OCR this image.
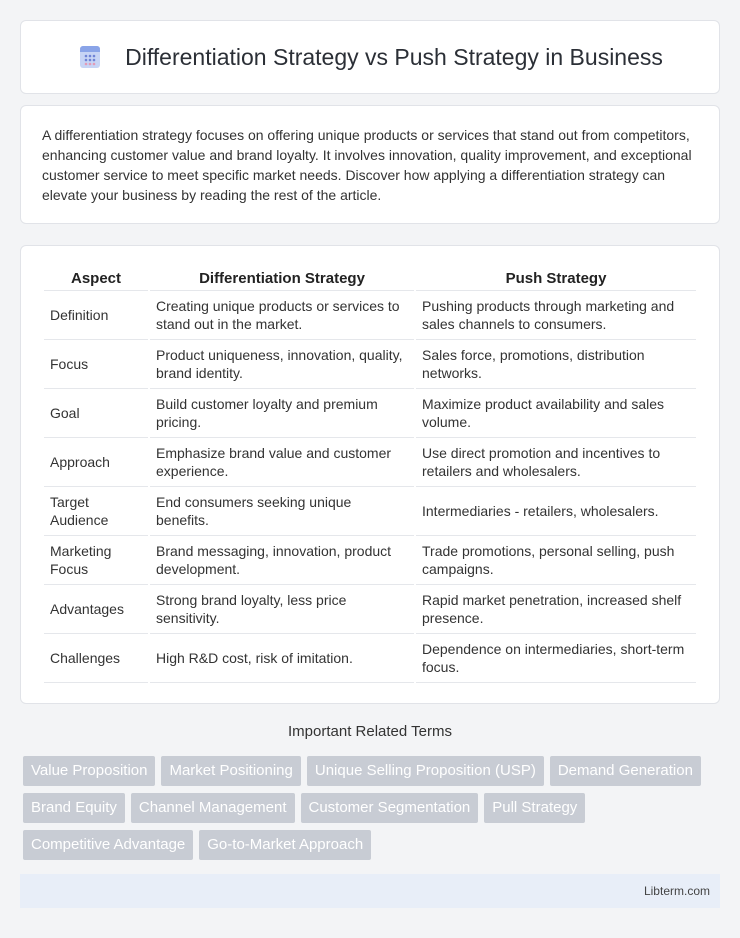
Differentiation Strategy vs Push Strategy in Business
A differentiation strategy focuses on offering unique products or services that stand out from competitors, enhancing customer value and brand loyalty. It involves innovation, quality improvement, and exceptional customer service to meet specific market needs. Discover how applying a differentiation strategy can elevate your business by reading the rest of the article.
Aspect	Differentiation Strategy	Push Strategy
Definition	Creating unique products or services to stand out in the market.	Pushing products through marketing and sales channels to consumers.
Focus	Product uniqueness, innovation, quality, brand identity.	Sales force, promotions, distribution networks.
Goal	Build customer loyalty and premium pricing.	Maximize product availability and sales volume.
Approach	Emphasize brand value and customer experience.	Use direct promotion and incentives to retailers and wholesalers.
Target Audience	End consumers seeking unique benefits.	Intermediaries - retailers, wholesalers.
Marketing Focus	Brand messaging, innovation, product development.	Trade promotions, personal selling, push campaigns.
Advantages	Strong brand loyalty, less price sensitivity.	Rapid market penetration, increased shelf presence.
Challenges	High R&D cost, risk of imitation.	Dependence on intermediaries, short-term focus.
Important Related Terms
Value Proposition	Market Positioning	Unique Selling Proposition (USP)	Demand Generation
Brand Equity	Channel Management	Customer Segmentation	Pull Strategy
Competitive Advantage	Go-to-Market Approach
Libterm.com
